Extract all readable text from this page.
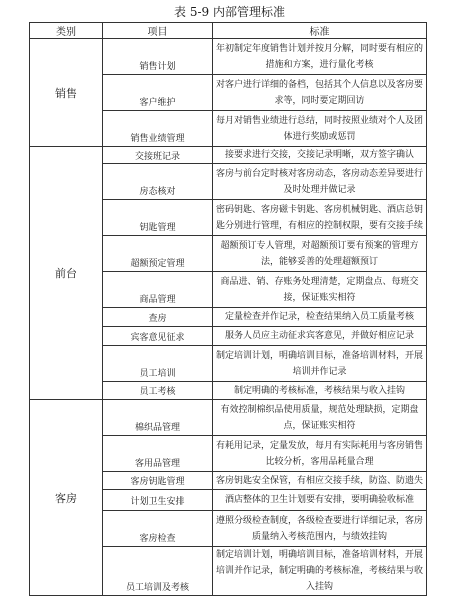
表 5-9 内部管理标准
类别	项目	标准
销售	销售计划	年初制定年度销售计划并按月分解，同时要有相应的措施和方案，进行量化考核
	客户维护	对客户进行详细的备档，包括其个人信息以及客房要求等，同时要定期回访
	销售业绩管理	每月对销售业绩进行总结，同时按照业绩对个人及团体进行奖励或惩罚
前台	交接班记录	接要求进行交接，交接记录明晰，双方签字确认
	房态核对	客房与前台定时核对客房动态，客房动态差异要进行及时处理并做记录
	钥匙管理	密码钥匙、客房磁卡钥匙、客房机械钥匙、酒店总钥匙分别进行管理，有相应的控制权限，要有交接手续
	超额预定管理	超额预订专人管理，对超额预订要有预案的管理方法，能够妥善的处理超额预订
	商品管理	商品进、销、存账务处理清楚，定期盘点、每班交接，保证账实相符
	查房	定量检查并作记录，检查结果纳入员工质量考核
	宾客意见征求	服务人员应主动征求宾客意见，并做好相应记录
	员工培训	制定培训计划，明确培训目标，准备培训材料，开展培训并作记录
	员工考核	制定明确的考核标准，考核结果与收入挂钩
客房	棉织品管理	有效控制棉织品使用质量，规范处理缺损，定期盘点，保证账实相符
	客用品管理	有耗用记录，定量发放，每月有实际耗用与客房销售比较分析，客用品耗量合理
	客房钥匙管理	客房钥匙安全保管，有相应交接手续，防盗、防遗失
	计划卫生安排	酒店整体的卫生计划要有安排，要明确验收标准
	客房检查	遵照分级检查制度，各级检查要进行详细记录，客房质量纳入考核范围内，与绩效挂钩
	员工培训及考核	制定培训计划，明确培训目标，准备培训材料，开展培训并作记录，制定明确的考核标准，考核结果与收入挂钩
